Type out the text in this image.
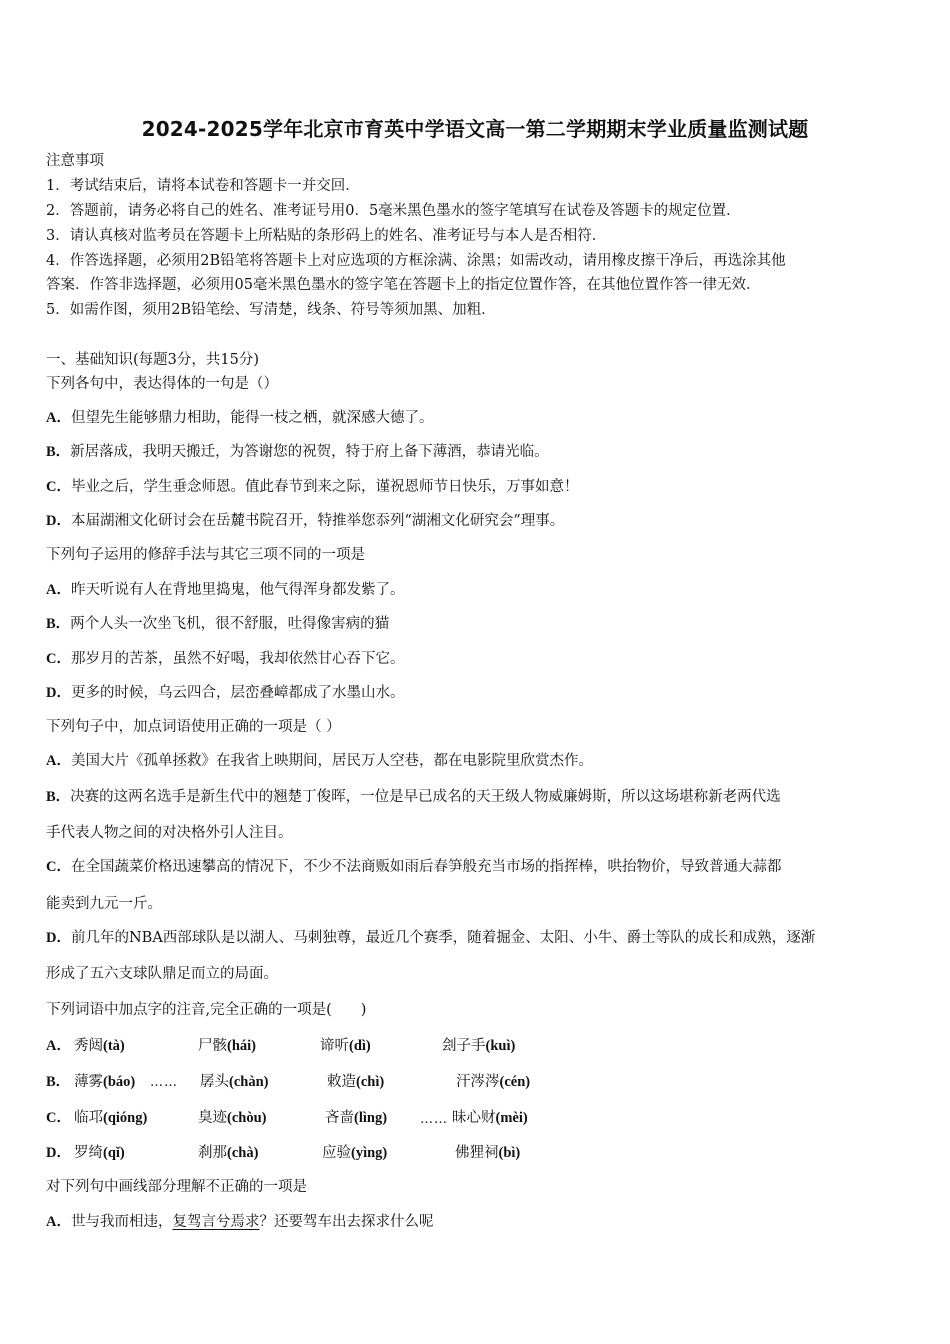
2024-2025学年北京市育英中学语文高一第二学期期末学业质量监测试题
注意事项
1．考试结束后，请将本试卷和答题卡一并交回．
2．答题前，请务必将自己的姓名、准考证号用0．5毫米黑色墨水的签字笔填写在试卷及答题卡的规定位置．
3．请认真核对监考员在答题卡上所粘贴的条形码上的姓名、准考证号与本人是否相符．
4．作答选择题，必须用2B铅笔将答题卡上对应选项的方框涂满、涂黑；如需改动，请用橡皮擦干净后，再选涂其他
答案．作答非选择题，必须用05毫米黑色墨水的签字笔在答题卡上的指定位置作答，在其他位置作答一律无效．
5．如需作图，须用2B铅笔绘、写清楚，线条、符号等须加黑、加粗．
一、基础知识(每题3分，共15分)
下列各句中，表达得体的一句是（）
A．但望先生能够鼎力相助，能得一枝之栖，就深感大德了。
B．新居落成，我明天搬迁，为答谢您的祝贺，特于府上备下薄酒，恭请光临。
C．毕业之后，学生垂念师恩。值此春节到来之际，谨祝恩师节日快乐，万事如意！
D．本届湖湘文化研讨会在岳麓书院召开，特推举您忝列“湖湘文化研究会”理事。
下列句子运用的修辞手法与其它三项不同的一项是
A．昨天听说有人在背地里捣鬼，他气得浑身都发紫了。
B．两个人头一次坐飞机，很不舒服，吐得像害病的猫
C．那岁月的苦茶，虽然不好喝，我却依然甘心吞下它。
D．更多的时候，乌云四合，层峦叠嶂都成了水墨山水。
下列句子中，加点词语使用正确的一项是（ ）
A．美国大片《孤单拯救》在我省上映期间，居民万人空巷，都在电影院里欣赏杰作。
B．决赛的这两名选手是新生代中的翘楚丁俊晖，一位是早已成名的天王级人物威廉姆斯，所以这场堪称新老两代选
手代表人物之间的对决格外引人注目。
C．在全国蔬菜价格迅速攀高的情况下，不少不法商贩如雨后春笋般充当市场的指挥棒，哄抬物价，导致普通大蒜都
能卖到九元一斤。
D．前几年的NBA西部球队是以湖人、马刺独尊，最近几个赛季，随着掘金、太阳、小牛、爵士等队的成长和成熟，逐渐
形成了五六支球队鼎足而立的局面。
下列词语中加点字的注音,完全正确的一项是(　　)
A． 秀闼(tà)	尸骸(hái)	谛听(dì)	刽子手(kuì)
B． 薄雾(báo)	孱头(chàn)	敕造(chì)	汗涔涔(cén)
……
C． 临邛(qióng)	臭迹(chòu)	吝啬(lìng)	昧心财(mèi)
……
D． 罗绮(qǐ)	刹那(chà)	应验(yìng)	佛狸祠(bì)
对下列句中画线部分理解不正确的一项是
A．世与我而相违，复驾言兮焉求？还要驾车出去探求什么呢
